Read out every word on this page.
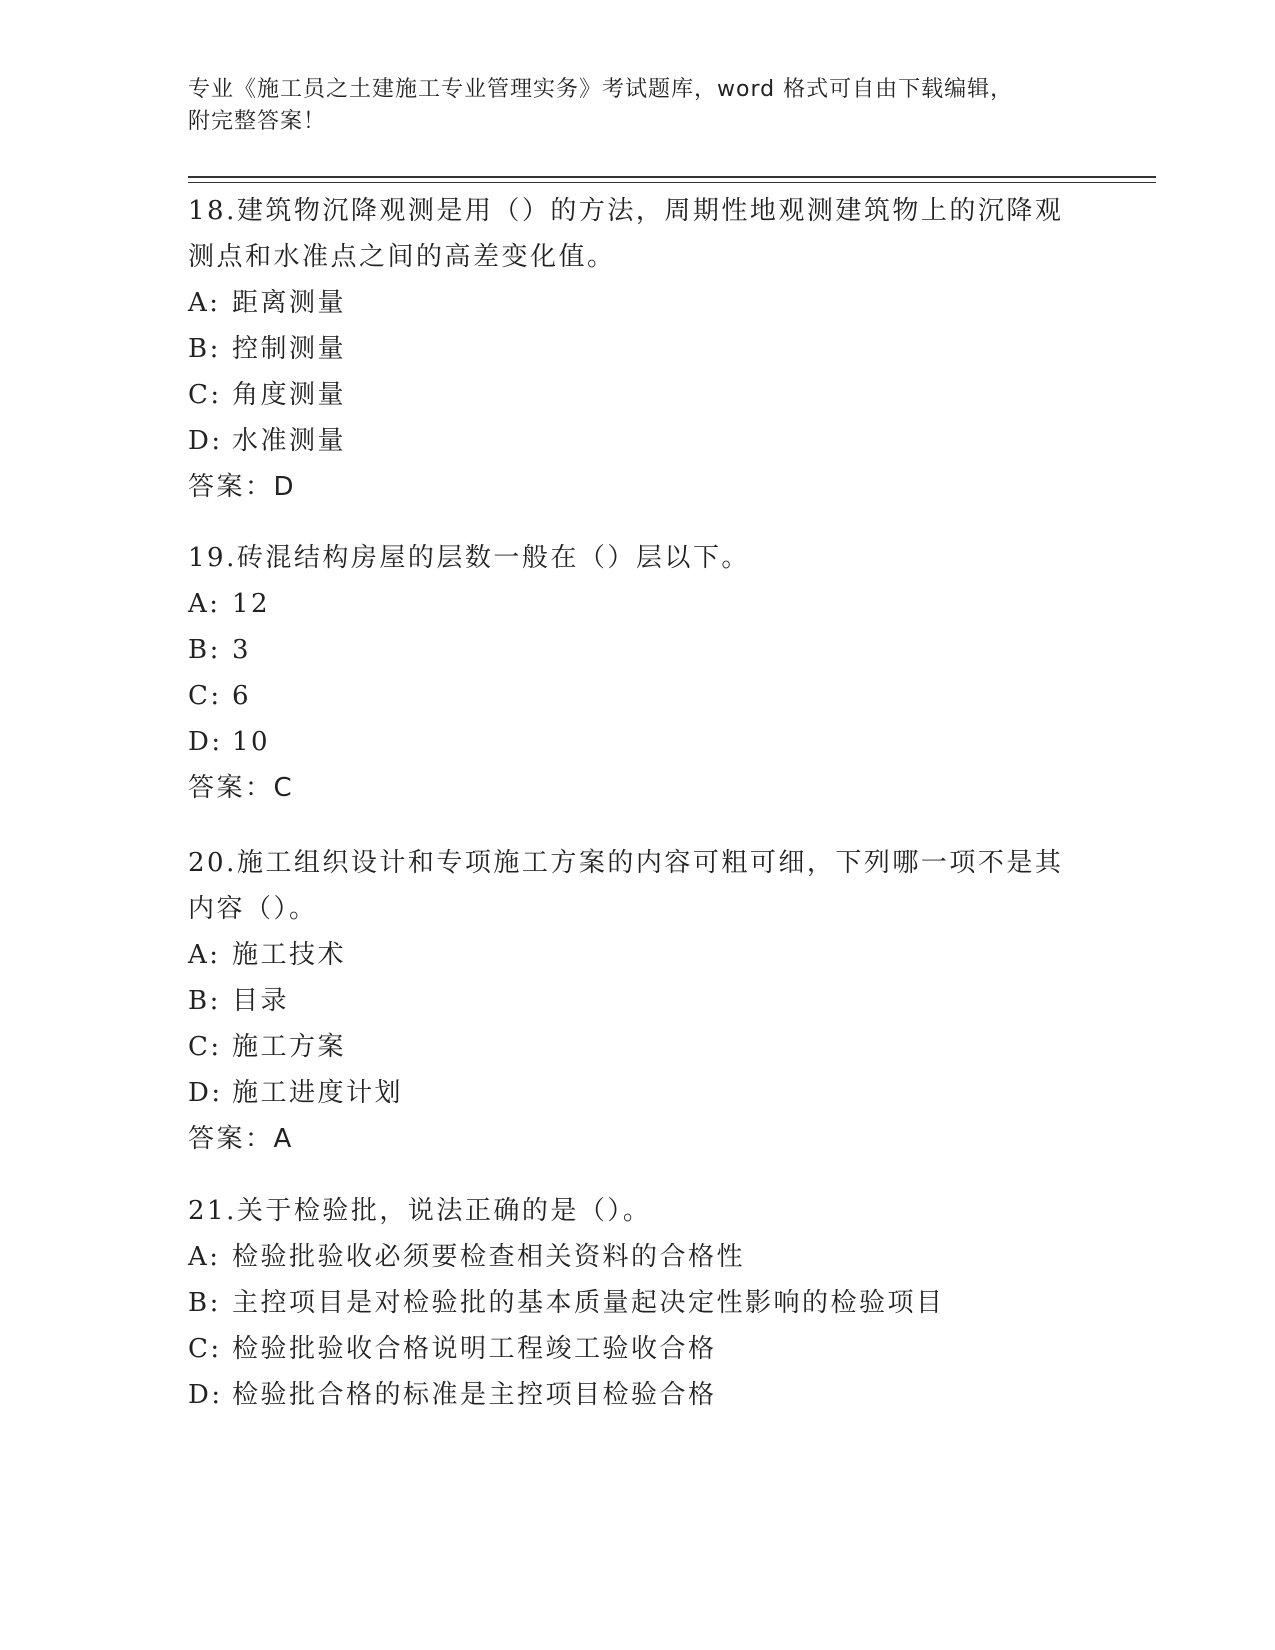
专业《施工员之土建施工专业管理实务》考试题库，word 格式可自由下载编辑，
附完整答案！

18.建筑物沉降观测是用（）的方法，周期性地观测建筑物上的沉降观

测点和水准点之间的高差变化值。

A: 距离测量

B: 控制测量

C: 角度测量

D: 水准测量

答案：D

19.砖混结构房屋的层数一般在（）层以下。

A: 12

B: 3

C: 6

D: 10

答案：C

20.施工组织设计和专项施工方案的内容可粗可细，下列哪一项不是其

内容（）。

A: 施工技术

B: 目录

C: 施工方案

D: 施工进度计划

答案：A

21.关于检验批，说法正确的是（）。

A: 检验批验收必须要检查相关资料的合格性

B: 主控项目是对检验批的基本质量起决定性影响的检验项目

C: 检验批验收合格说明工程竣工验收合格

D: 检验批合格的标准是主控项目检验合格
